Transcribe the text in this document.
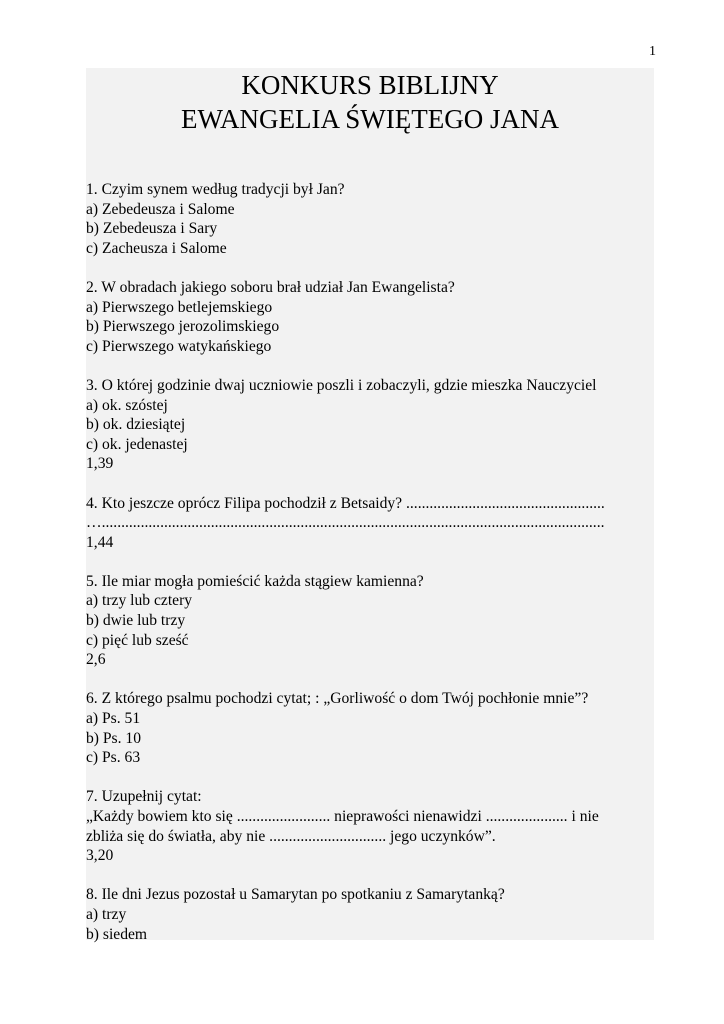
1
KONKURS BIBLIJNY
EWANGELIA ŚWIĘTEGO JANA
1. Czyim synem według tradycji był Jan?
a) Zebedeusza i Salome
b) Zebedeusza i Sary
c) Zacheusza i Salome
2. W obradach jakiego soboru brał udział Jan Ewangelista?
a) Pierwszego betlejemskiego
b) Pierwszego jerozolimskiego
c) Pierwszego watykańskiego
3. O której godzinie dwaj uczniowie poszli i zobaczyli, gdzie mieszka Nauczyciel
a) ok. szóstej
b) ok. dziesiątej
c) ok. jedenastej
1,39
4. Kto jeszcze oprócz Filipa pochodził z Betsaidy? ...................................................
….................................................................................................................................
1,44
5. Ile miar mogła pomieścić każda stągiew kamienna?
a) trzy lub cztery
b) dwie lub trzy
c) pięć lub sześć
2,6
6. Z którego psalmu pochodzi cytat; : „Gorliwość o dom Twój pochłonie mnie”?
a) Ps. 51
b) Ps. 10
c) Ps. 63
7. Uzupełnij cytat:
„Każdy bowiem kto się ........................ nieprawości nienawidzi ..................... i nie
zbliża się do światła, aby nie .............................. jego uczynków”.
3,20
8. Ile dni Jezus pozostał u Samarytan po spotkaniu z Samarytanką?
a) trzy
b) siedem
